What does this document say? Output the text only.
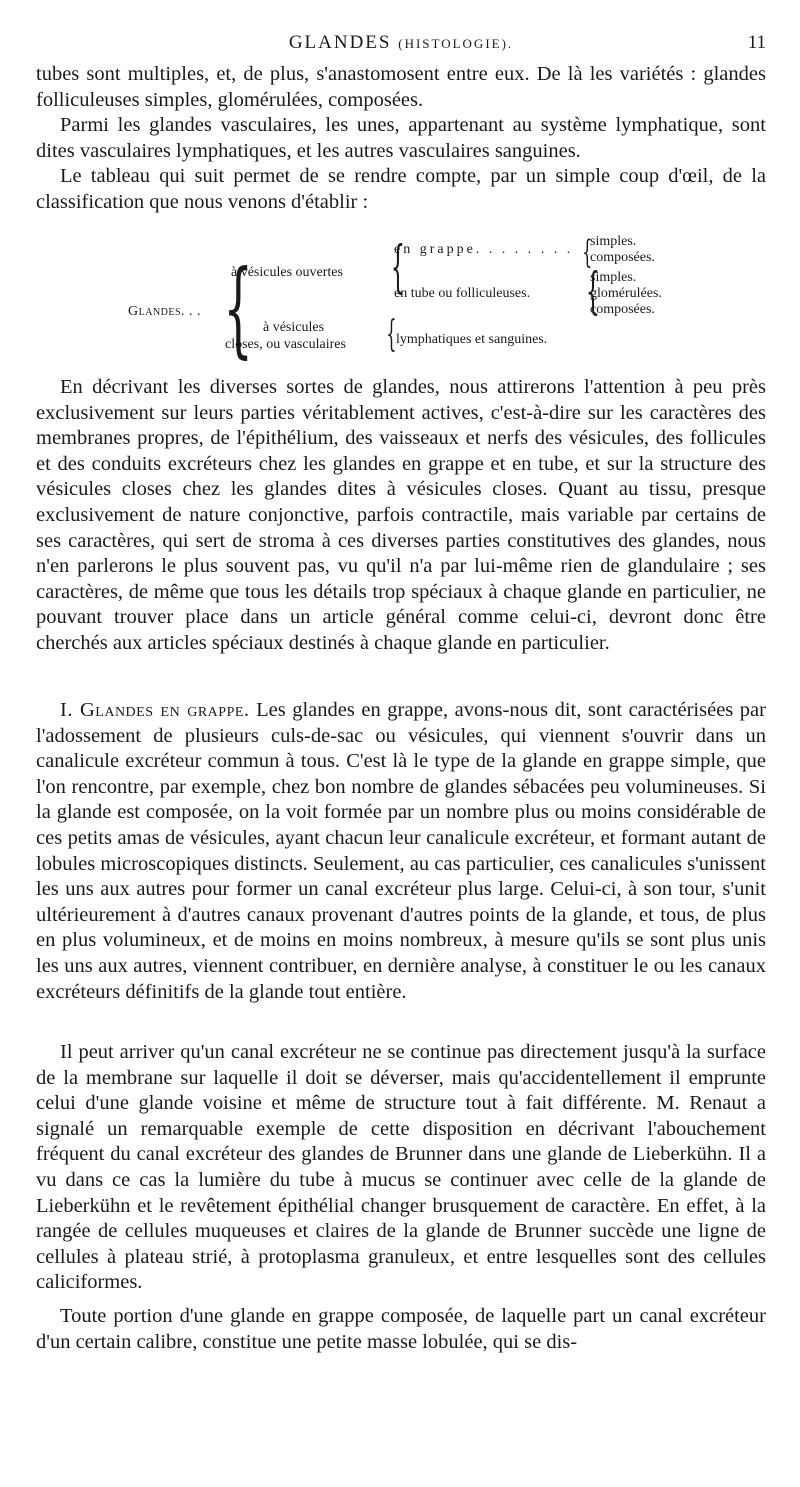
GLANDES (HISTOLOGIE).	11

tubes sont multiples, et, de plus, s'anastomosent entre eux. De là les variétés : glandes folliculeuses simples, glomérulées, composées.

Parmi les glandes vasculaires, les unes, appartenant au système lymphatique, sont dites vasculaires lymphatiques, et les autres vasculaires sanguines.

Le tableau qui suit permet de se rendre compte, par un simple coup d'œil, de la classification que nous venons d'établir :

Glandes. . . {
à vésicules ouvertes {
en grappe. . . . . . . . {
simples.
composées.
en tube ou folliculeuses. {
simples.
glomérulées.
composées.
à vésicules
closes, ou vasculaires { lymphatiques et sanguines.

En décrivant les diverses sortes de glandes, nous attirerons l'attention à peu près exclusivement sur leurs parties véritablement actives, c'est-à-dire sur les caractères des membranes propres, de l'épithélium, des vaisseaux et nerfs des vésicules, des follicules et des conduits excréteurs chez les glandes en grappe et en tube, et sur la structure des vésicules closes chez les glandes dites à vésicules closes. Quant au tissu, presque exclusivement de nature conjonctive, parfois contractile, mais variable par certains de ses caractères, qui sert de stroma à ces diverses parties constitutives des glandes, nous n'en parlerons le plus souvent pas, vu qu'il n'a par lui-même rien de glandulaire ; ses caractères, de même que tous les détails trop spéciaux à chaque glande en particulier, ne pouvant trouver place dans un article général comme celui-ci, devront donc être cherchés aux articles spéciaux destinés à chaque glande en particulier.

I. Glandes en grappe. Les glandes en grappe, avons-nous dit, sont caractérisées par l'adossement de plusieurs culs-de-sac ou vésicules, qui viennent s'ouvrir dans un canalicule excréteur commun à tous. C'est là le type de la glande en grappe simple, que l'on rencontre, par exemple, chez bon nombre de glandes sébacées peu volumineuses. Si la glande est composée, on la voit formée par un nombre plus ou moins considérable de ces petits amas de vésicules, ayant chacun leur canalicule excréteur, et formant autant de lobules microscopiques distincts. Seulement, au cas particulier, ces canalicules s'unissent les uns aux autres pour former un canal excréteur plus large. Celui-ci, à son tour, s'unit ultérieurement à d'autres canaux provenant d'autres points de la glande, et tous, de plus en plus volumineux, et de moins en moins nombreux, à mesure qu'ils se sont plus unis les uns aux autres, viennent contribuer, en dernière analyse, à constituer le ou les canaux excréteurs définitifs de la glande tout entière.

Il peut arriver qu'un canal excréteur ne se continue pas directement jusqu'à la surface de la membrane sur laquelle il doit se déverser, mais qu'accidentellement il emprunte celui d'une glande voisine et même de structure tout à fait différente. M. Renaut a signalé un remarquable exemple de cette disposition en décrivant l'abouchement fréquent du canal excréteur des glandes de Brunner dans une glande de Lieberkühn. Il a vu dans ce cas la lumière du tube à mucus se continuer avec celle de la glande de Lieberkühn et le revêtement épithélial changer brusquement de caractère. En effet, à la rangée de cellules muqueuses et claires de la glande de Brunner succède une ligne de cellules à plateau strié, à protoplasma granuleux, et entre lesquelles sont des cellules caliciformes.

Toute portion d'une glande en grappe composée, de laquelle part un canal excréteur d'un certain calibre, constitue une petite masse lobulée, qui se dis-
